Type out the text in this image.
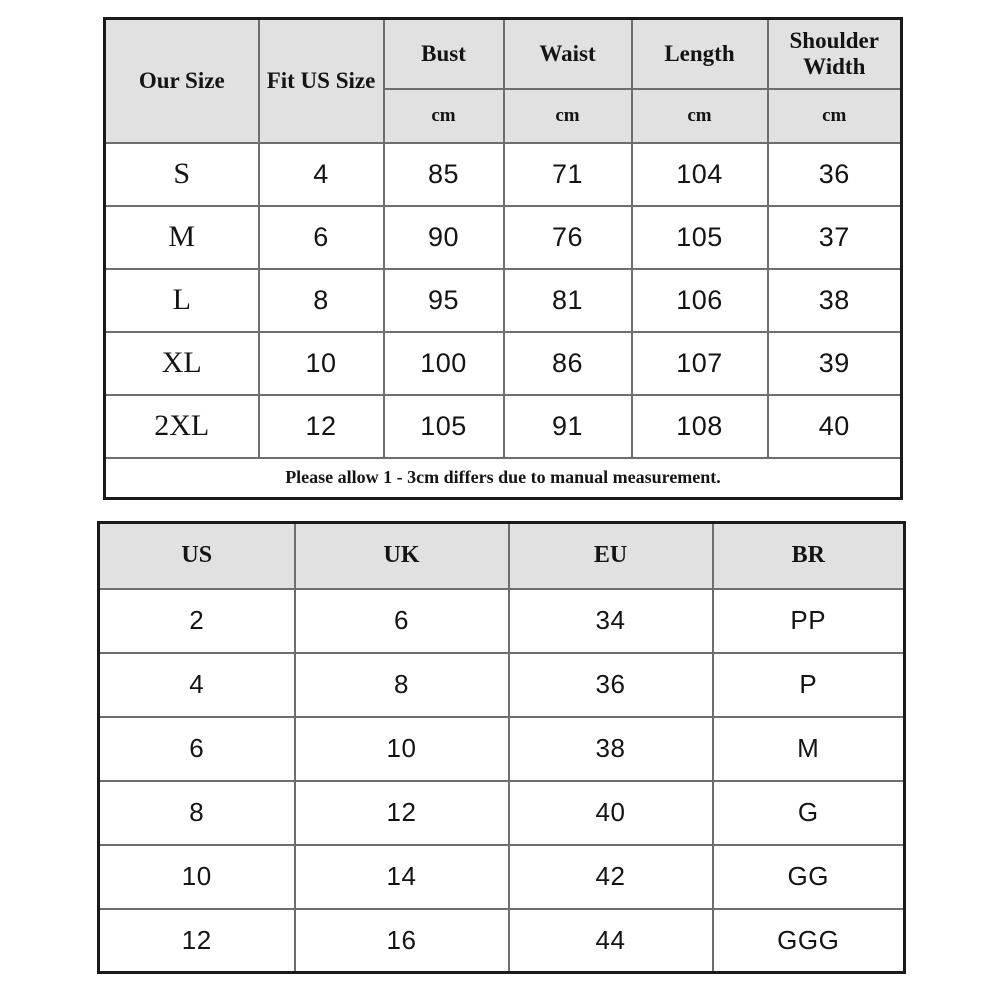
Our Size	Fit US Size	Bust	Waist	Length	Shoulder Width
		cm	cm	cm	cm
S	4	85	71	104	36
M	6	90	76	105	37
L	8	95	81	106	38
XL	10	100	86	107	39
2XL	12	105	91	108	40
Please allow 1 - 3cm differs due to manual measurement.					
US	UK	EU	BR
2	6	34	PP
4	8	36	P
6	10	38	M
8	12	40	G
10	14	42	GG
12	16	44	GGG
